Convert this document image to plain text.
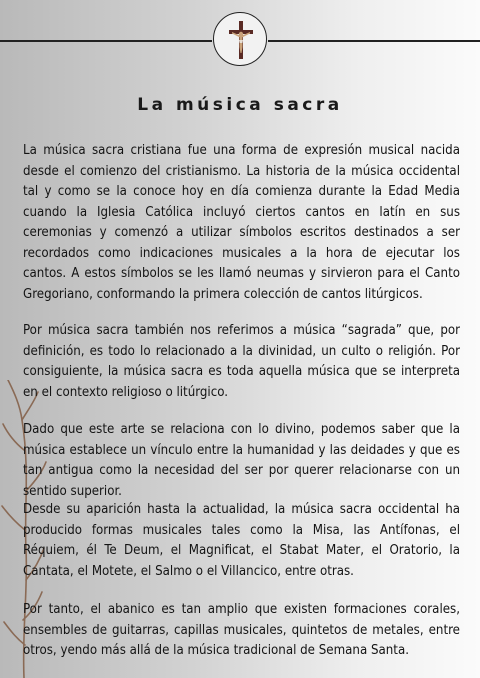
La música sacra

La música sacra cristiana fue una forma de expresión musical nacida desde el comienzo del cristianismo. La historia de la música occidental tal y como se la conoce hoy en día comienza durante la Edad Media cuando la Iglesia Católica incluyó ciertos cantos en latín en sus ceremonias y comenzó a utilizar símbolos escritos destinados a ser recordados como indicaciones musicales a la hora de ejecutar los cantos. A estos símbolos se les llamó neumas y sirvieron para el Canto Gregoriano, conformando la primera colección de cantos litúrgicos.

Por música sacra también nos referimos a música “sagrada” que, por definición, es todo lo relacionado a la divinidad, un culto o religión. Por consiguiente, la música sacra es toda aquella música que se interpreta en el contexto religioso o litúrgico.

Dado que este arte se relaciona con lo divino, podemos saber que la música establece un vínculo entre la humanidad y las deidades y que es tan antigua como la necesidad del ser por querer relacionarse con un sentido superior.

Desde su aparición hasta la actualidad, la música sacra occidental ha producido formas musicales tales como la Misa, las Antífonas, el Réquiem, él Te Deum, el Magnificat, el Stabat Mater, el Oratorio, la Cantata, el Motete, el Salmo o el Villancico, entre otras.

Por tanto, el abanico es tan amplio que existen formaciones corales, ensembles de guitarras, capillas musicales, quintetos de metales, entre otros, yendo más allá de la música tradicional de Semana Santa.
